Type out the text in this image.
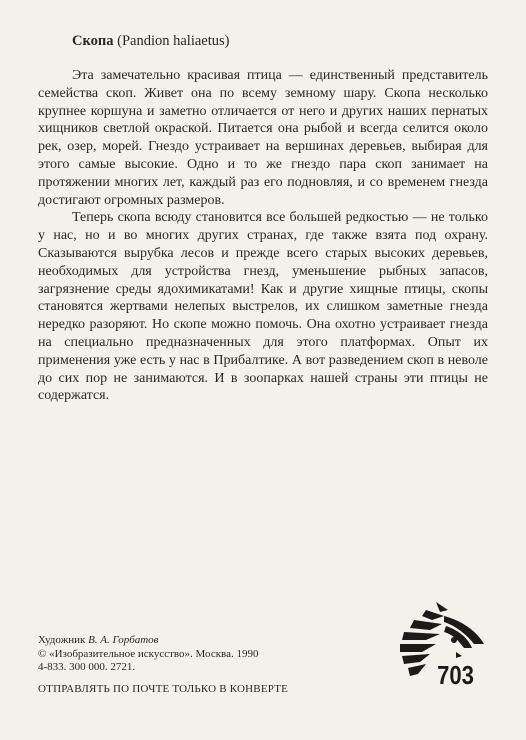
Скопа (Pandion haliaetus)

Эта замечательно красивая птица — единственный представитель семейства скоп. Живет она по всему земному шару. Скопа несколько крупнее коршуна и заметно отличается от него и других наших пернатых хищников светлой окраской. Питается она рыбой и всегда селится около рек, озер, морей. Гнездо устраивает на вершинах деревьев, выбирая для этого самые высокие. Одно и то же гнездо пара скоп занимает на протяжении многих лет, каждый раз его подновляя, и со временем гнезда достигают огромных размеров.

Теперь скопа всюду становится все большей редкостью — не только у нас, но и во многих других странах, где также взята под охрану. Сказываются вырубка лесов и прежде всего старых высоких деревьев, необходимых для устройства гнезд, уменьшение рыбных запасов, загрязнение среды ядохимикатами! Как и другие хищные птицы, скопы становятся жертвами нелепых выстрелов, их слишком заметные гнезда нередко разоряют. Но скопе можно помочь. Она охотно устраивает гнезда на специально предназначенных для этого платформах. Опыт их применения уже есть у нас в Прибалтике. А вот разведением скоп в неволе до сих пор не занимаются. И в зоопарках нашей страны эти птицы не содержатся.

Художник В. А. Горбатов
© «Изобразительное искусство». Москва. 1990
4-833. 300 000. 2721.
ОТПРАВЛЯТЬ ПО ПОЧТЕ ТОЛЬКО В КОНВЕРТЕ	703
